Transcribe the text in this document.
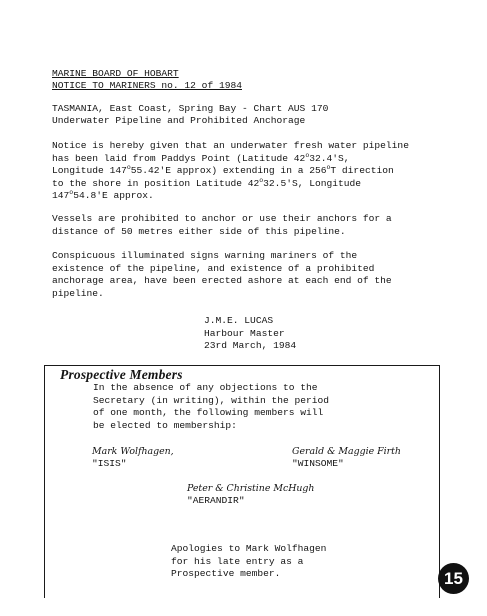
MARINE BOARD OF HOBART
NOTICE TO MARINERS no. 12 of 1984
TASMANIA, East Coast, Spring Bay - Chart AUS 170
Underwater Pipeline and Prohibited Anchorage
Notice is hereby given that an underwater fresh water pipeline
has been laid from Paddys Point (Latitude 42$^o$32.4'S,
Longitude 147$^o$55.42'E approx) extending in a 256$^o$T direction
to the shore in position Latitude 42$^o$32.5'S, Longitude
147$^o$54.8'E approx.
Vessels are prohibited to anchor or use their anchors for a
distance of 50 metres either side of this pipeline.
Conspicuous illuminated signs warning mariners of the
existence of the pipeline, and existence of a prohibited
anchorage area, have been erected ashore at each end of the
pipeline.
J.M.E. LUCAS
Harbour Master
23rd March, 1984
Prospective Members
In the absence of any objections to the
Secretary (in writing), within the period
of one month, the following members will
be elected to membership:
Mark Wolfhagen,
"ISIS"
Gerald & Maggie Firth
"WINSOME"
Peter & Christine McHugh
"AERANDIR"
Apologies to Mark Wolfhagen
for his late entry as a
Prospective member.	15
